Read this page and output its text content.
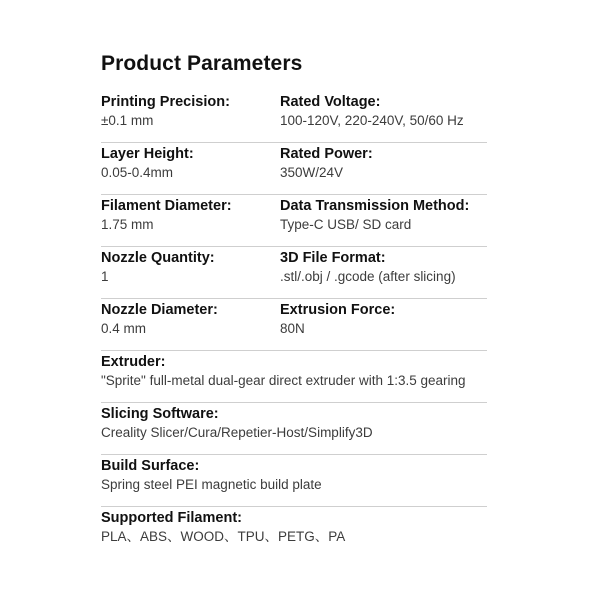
Product Parameters
Printing Precision:
±0.1 mm
Rated Voltage:
100-120V, 220-240V, 50/60 Hz
Layer Height:
0.05-0.4mm
Rated Power:
350W/24V
Filament Diameter:
1.75 mm
Data Transmission Method:
Type-C USB/ SD card
Nozzle Quantity:
1
3D File Format:
.stl/.obj / .gcode (after slicing)
Nozzle Diameter:
0.4 mm
Extrusion Force:
80N
Extruder:
"Sprite" full-metal dual-gear direct extruder with 1:3.5 gearing
Slicing Software:
Creality Slicer/Cura/Repetier-Host/Simplify3D
Build Surface:
Spring steel PEI magnetic build plate
Supported Filament:
PLA、ABS、WOOD、TPU、PETG、PA
